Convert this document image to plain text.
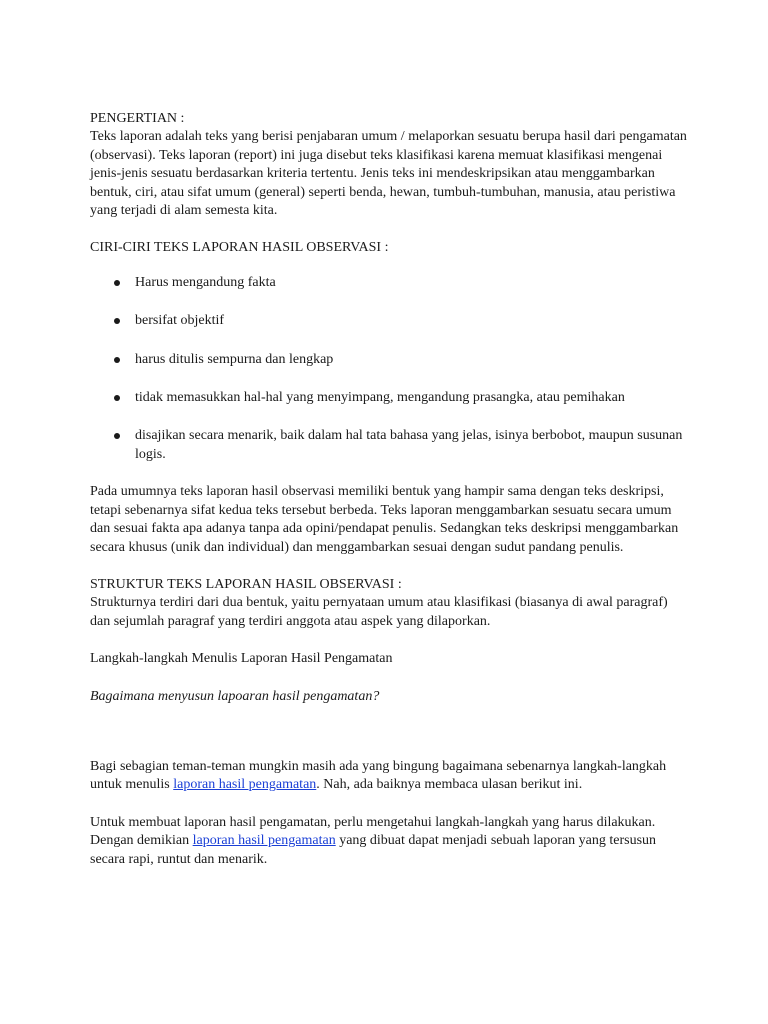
PENGERTIAN :

Teks laporan adalah teks yang berisi penjabaran umum / melaporkan sesuatu berupa hasil dari pengamatan (observasi). Teks laporan (report) ini juga disebut teks klasifikasi karena memuat klasifikasi mengenai jenis-jenis sesuatu berdasarkan kriteria tertentu. Jenis teks ini mendeskripsikan atau menggambarkan bentuk, ciri, atau sifat umum (general) seperti benda, hewan, tumbuh-tumbuhan, manusia, atau peristiwa yang terjadi di alam semesta kita.

CIRI-CIRI TEKS LAPORAN HASIL OBSERVASI :

Harus mengandung fakta
bersifat objektif
harus ditulis sempurna dan lengkap
tidak memasukkan hal-hal yang menyimpang, mengandung prasangka, atau pemihakan
disajikan secara menarik, baik dalam hal tata bahasa yang jelas, isinya berbobot, maupun susunan logis.

Pada umumnya teks laporan hasil observasi memiliki bentuk yang hampir sama dengan teks deskripsi, tetapi sebenarnya sifat kedua teks tersebut berbeda. Teks laporan menggambarkan sesuatu secara umum dan sesuai fakta apa adanya tanpa ada opini/pendapat penulis. Sedangkan teks deskripsi menggambarkan secara khusus (unik dan individual) dan menggambarkan sesuai dengan sudut pandang penulis.

STRUKTUR TEKS LAPORAN HASIL OBSERVASI :

Strukturnya terdiri dari dua bentuk, yaitu pernyataan umum atau klasifikasi (biasanya di awal paragraf) dan sejumlah paragraf yang terdiri anggota atau aspek yang dilaporkan.

Langkah-langkah Menulis Laporan Hasil Pengamatan

Bagaimana menyusun lapoaran hasil pengamatan?

Bagi sebagian teman-teman mungkin masih ada yang bingung bagaimana sebenarnya langkah-langkah untuk menulis laporan hasil pengamatan. Nah, ada baiknya membaca ulasan berikut ini.

Untuk membuat laporan hasil pengamatan, perlu mengetahui langkah-langkah yang harus dilakukan. Dengan demikian laporan hasil pengamatan yang dibuat dapat menjadi sebuah laporan yang tersusun secara rapi, runtut dan menarik.
